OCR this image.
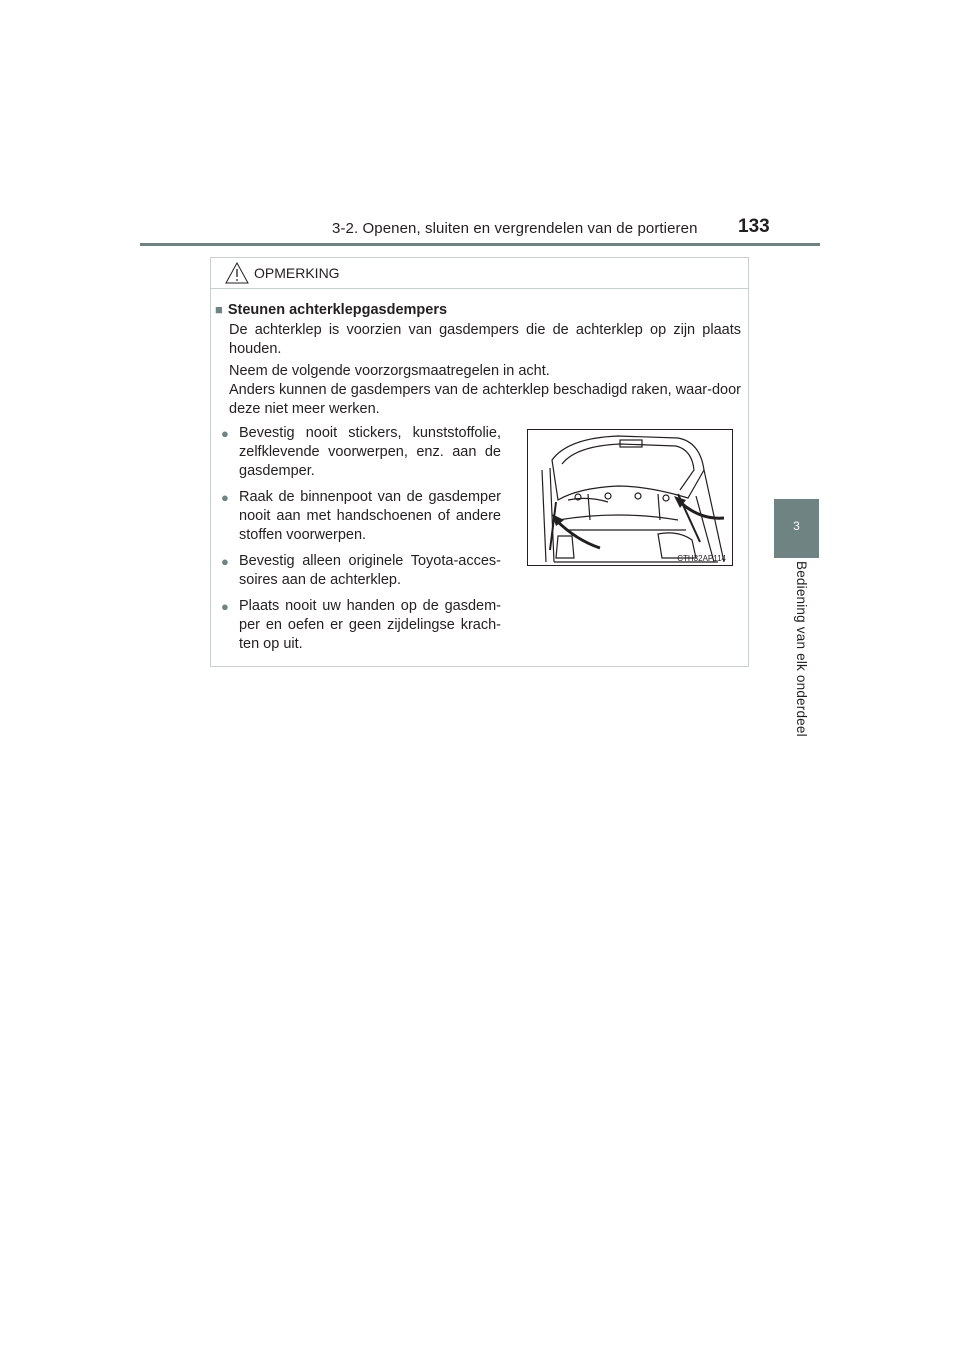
3-2. Openen, sluiten en vergrendelen van de portieren 133
3
Bediening van elk onderdeel
OPMERKING
■ Steunen achterklepgasdempers
De achterklep is voorzien van gasdempers die de achterklep op zijn plaats houden.
Neem de volgende voorzorgsmaatregelen in acht.
Anders kunnen de gasdempers van de achterklep beschadigd raken, waar-door deze niet meer werken.
● Bevestig nooit stickers, kunststoffolie, zelfklevende voorwerpen, enz. aan de gasdemper.
● Raak de binnenpoot van de gasdemper nooit aan met handschoenen of andere stoffen voorwerpen.
● Bevestig alleen originele Toyota-acces-soires aan de achterklep.
● Plaats nooit uw handen op de gasdem-per en oefen er geen zijdelingse krach-ten op uit.
CTH32AP114
